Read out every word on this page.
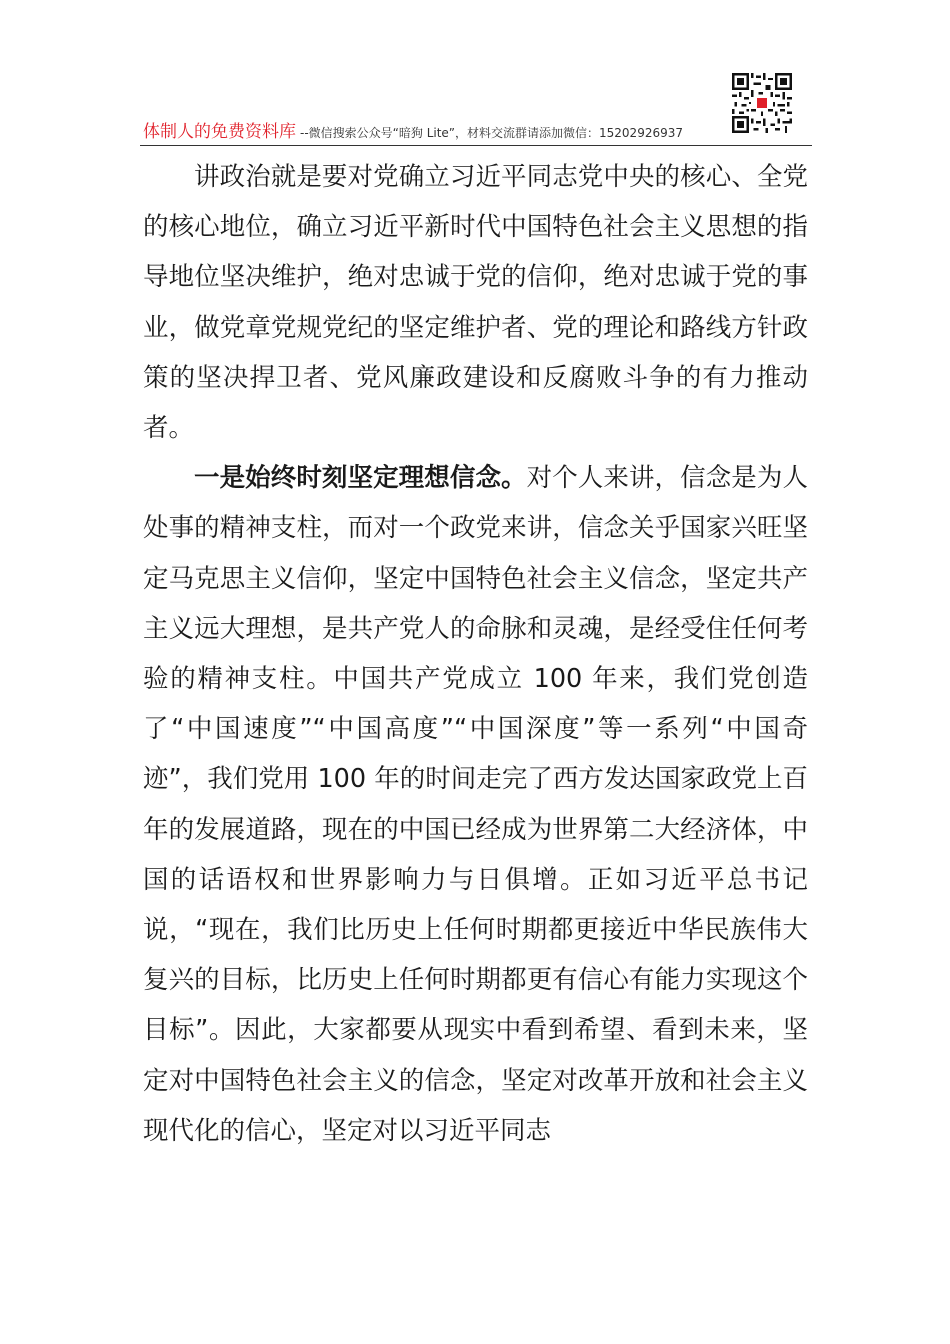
体制人的免费资料库 --微信搜索公众号“暗狗 Lite”，材料交流群请添加微信：15202926937

讲政治就是要对党确立习近平同志党中央的核心、全党的核心地位，确立习近平新时代中国特色社会主义思想的指导地位坚决维护，绝对忠诚于党的信仰，绝对忠诚于党的事业，做党章党规党纪的坚定维护者、党的理论和路线方针政策的坚决捍卫者、党风廉政建设和反腐败斗争的有力推动者。

一是始终时刻坚定理想信念。对个人来讲，信念是为人处事的精神支柱，而对一个政党来讲，信念关乎国家兴旺坚定马克思主义信仰，坚定中国特色社会主义信念，坚定共产主义远大理想，是共产党人的命脉和灵魂，是经受住任何考验的精神支柱。中国共产党成立 100 年来，我们党创造了“中国速度”“中国高度”“中国深度”等一系列“中国奇迹”，我们党用 100 年的时间走完了西方发达国家政党上百年的发展道路，现在的中国已经成为世界第二大经济体，中国的话语权和世界影响力与日俱增。正如习近平总书记说，“现在，我们比历史上任何时期都更接近中华民族伟大复兴的目标，比历史上任何时期都更有信心有能力实现这个目标”。因此，大家都要从现实中看到希望、看到未来，坚定对中国特色社会主义的信念，坚定对改革开放和社会主义现代化的信心，坚定对以习近平同志
